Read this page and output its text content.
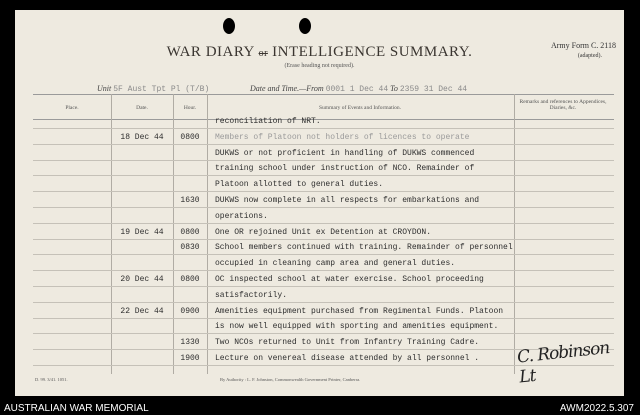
WAR DIARY or INTELLIGENCE SUMMARY.
(Erase heading not required).
Army Form C. 2118
(adapted).
Unit 5F Aust Tpt Pl (T/B)	Date and Time.—From 0001 1 Dec 44 To 2359 31 Dec 44
Place.	Date.	Hour.	Summary of Events and Information.
Remarks and references to Appendices, Diaries, &c.
reconciliation of NRT.
18 Dec 44	0800	Members of Platoon not holders of licences to operate
DUKWS or not proficient in handling of DUKWS commenced
training school under instruction of NCO. Remainder of
Platoon allotted to general duties.
1630	DUKWS now complete in all respects for embarkations and
operations.
19 Dec 44	0800	One OR rejoined Unit ex Detention at CROYDON.
0830	School members continued with training. Remainder of personnel
occupied in cleaning camp area and general duties.
20 Dec 44	0800	OC inspected school at water exercise. School proceeding
satisfactorily.
22 Dec 44	0900	Amenities equipment purchased from Regimental Funds. Platoon
is now well equipped with sporting and amenities equipment.
1330	Two NCOs returned to Unit from Infantry Training Cadre.
1900	Lecture on venereal disease attended by all personnel . C. Robinson Lt
D. 99. 3/41. 1051.	By Authority : L. F. Johnston, Commonwealth Government Printer, Canberra.
AUSTRALIAN WAR MEMORIAL	AWM2022.5.307
